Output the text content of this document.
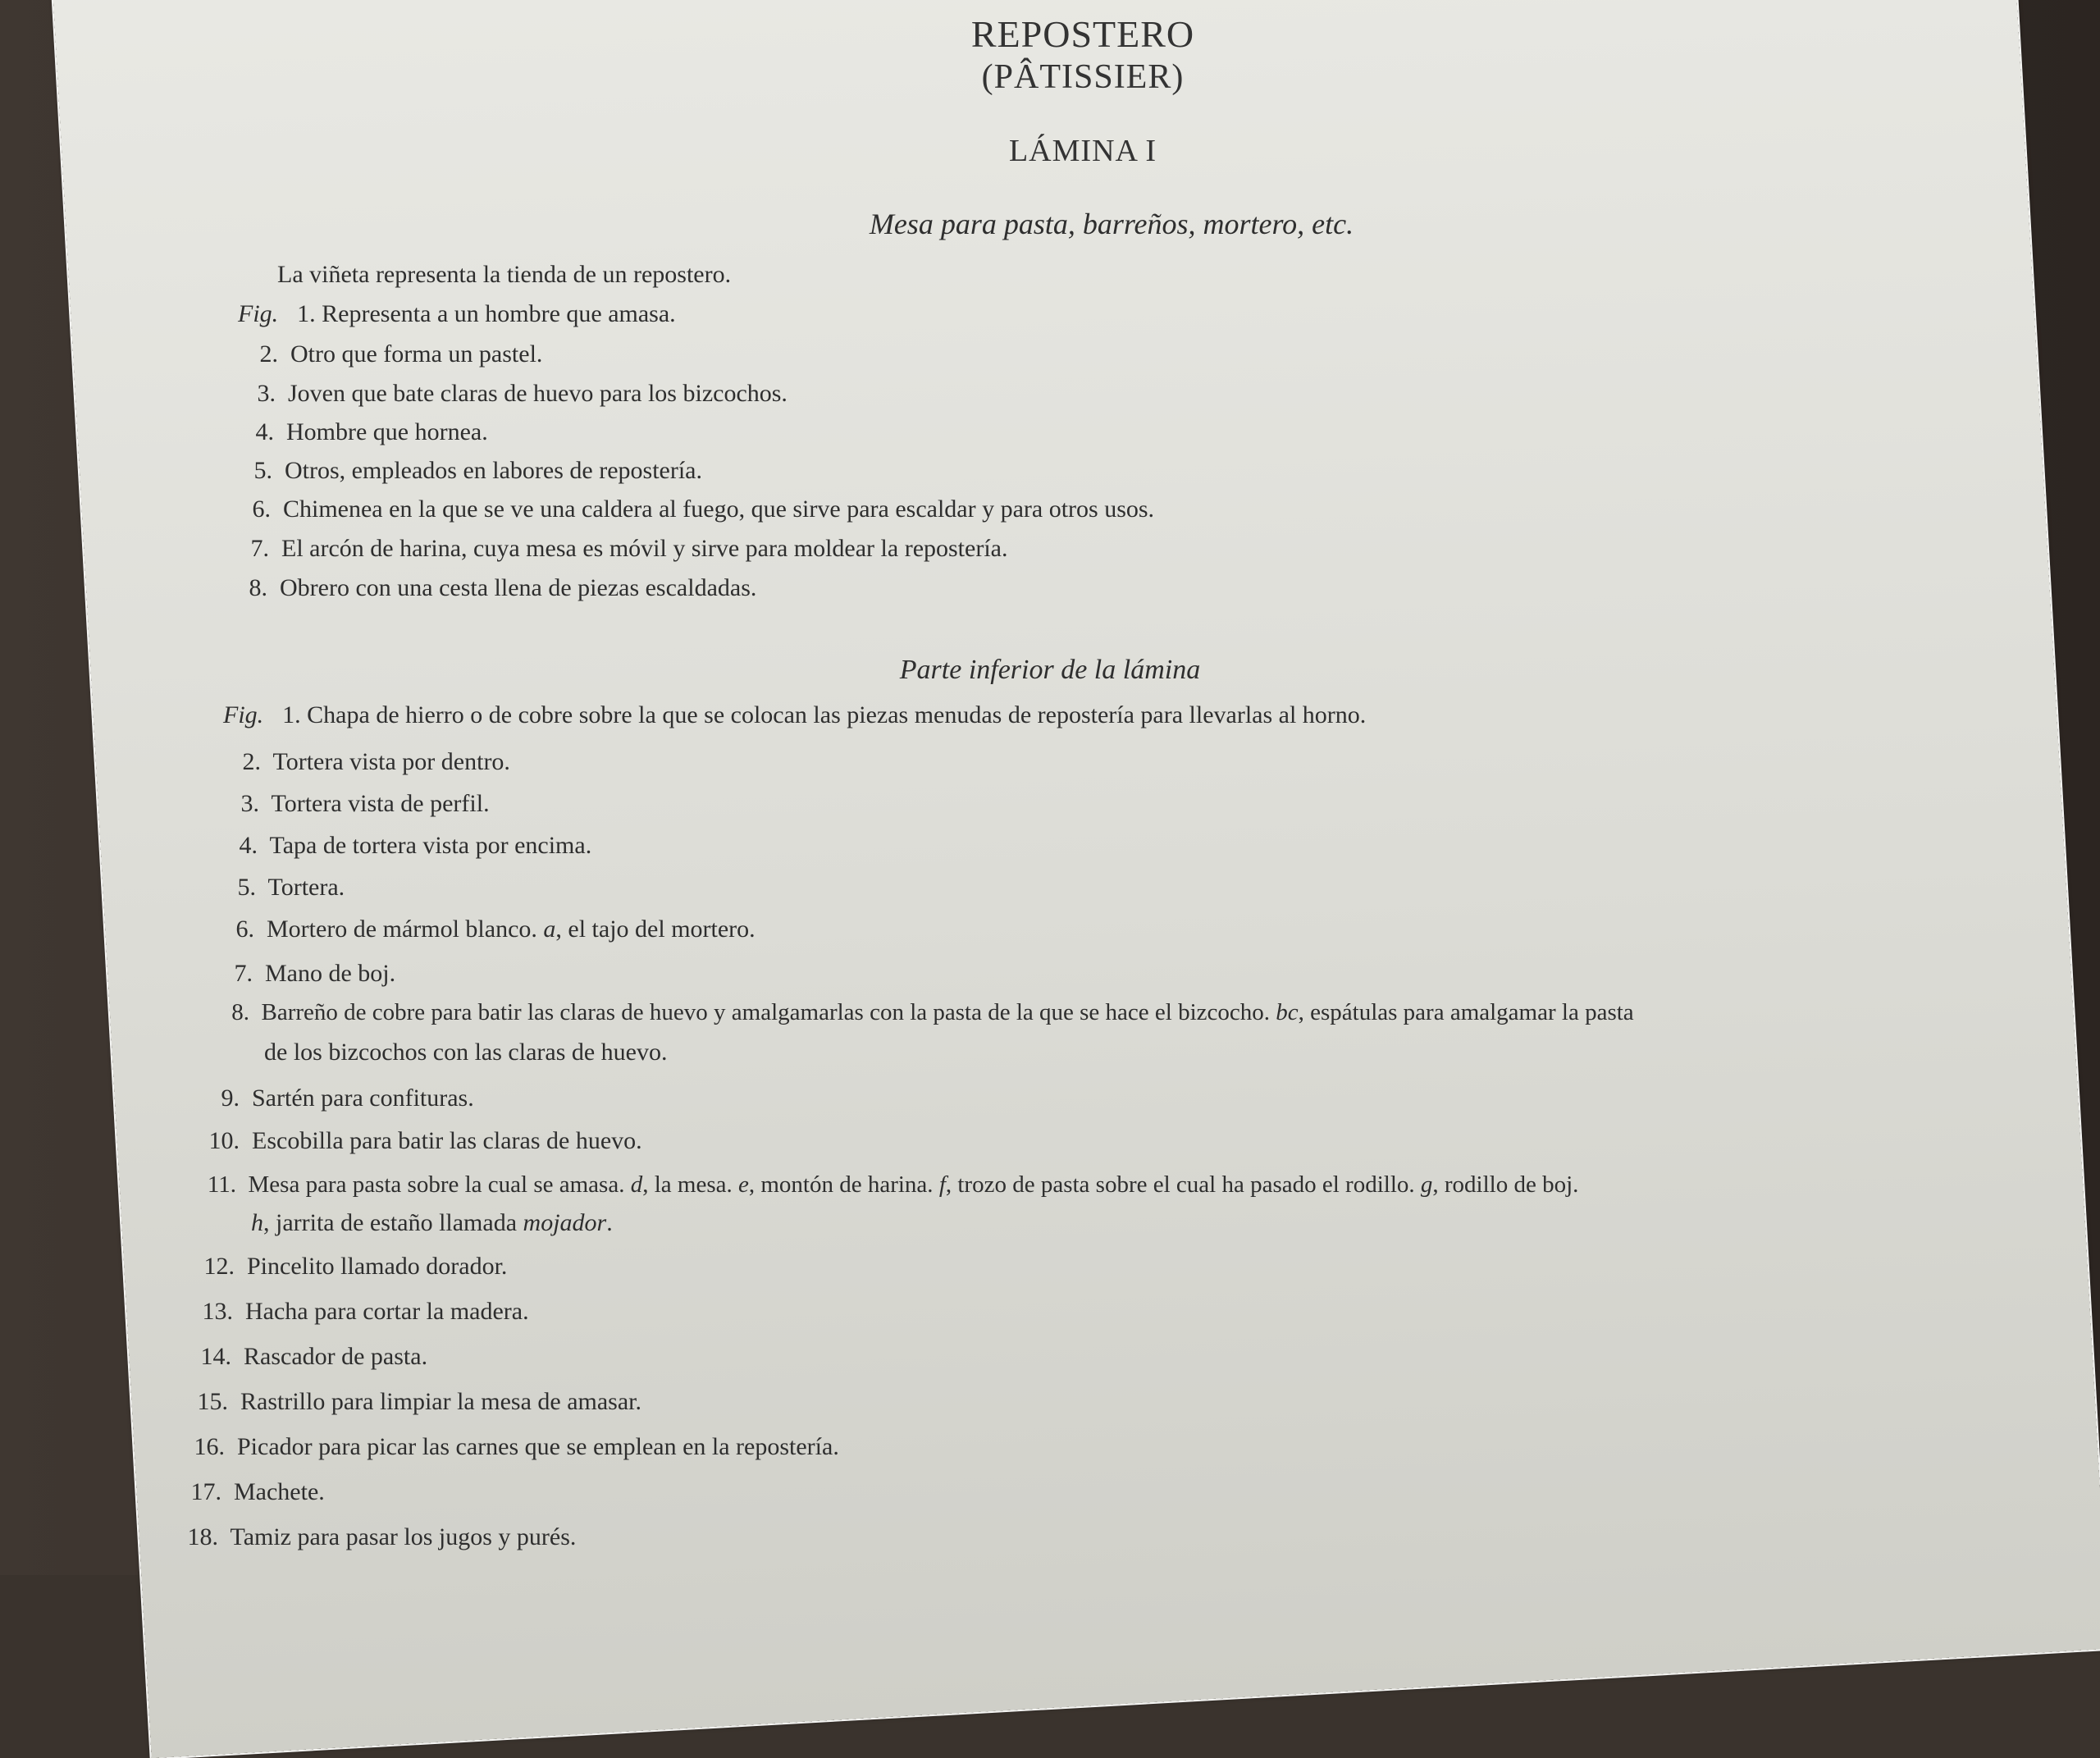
REPOSTERO
(PÂTISSIER)
LÁMINA I
Mesa para pasta, barreños, mortero, etc.
La viñeta representa la tienda de un repostero.
Fig. 1. Representa a un hombre que amasa.
2. Otro que forma un pastel.
3. Joven que bate claras de huevo para los bizcochos.
4. Hombre que hornea.
5. Otros, empleados en labores de repostería.
6. Chimenea en la que se ve una caldera al fuego, que sirve para escaldar y para otros usos.
7. El arcón de harina, cuya mesa es móvil y sirve para moldear la repostería.
8. Obrero con una cesta llena de piezas escaldadas.
Parte inferior de la lámina
Fig. 1. Chapa de hierro o de cobre sobre la que se colocan las piezas menudas de repostería para llevarlas al horno.
2. Tortera vista por dentro.
3. Tortera vista de perfil.
4. Tapa de tortera vista por encima.
5. Tortera.
6. Mortero de mármol blanco. a, el tajo del mortero.
7. Mano de boj.
8. Barreño de cobre para batir las claras de huevo y amalgamarlas con la pasta de la que se hace el bizcocho. bc, espátulas para amalgamar la pasta
de los bizcochos con las claras de huevo.
9. Sartén para confituras.
10. Escobilla para batir las claras de huevo.
11. Mesa para pasta sobre la cual se amasa. d, la mesa. e, montón de harina. f, trozo de pasta sobre el cual ha pasado el rodillo. g, rodillo de boj.
h, jarrita de estaño llamada mojador.
12. Pincelito llamado dorador.
13. Hacha para cortar la madera.
14. Rascador de pasta.
15. Rastrillo para limpiar la mesa de amasar.
16. Picador para picar las carnes que se emplean en la repostería.
17. Machete.
18. Tamiz para pasar los jugos y purés.
